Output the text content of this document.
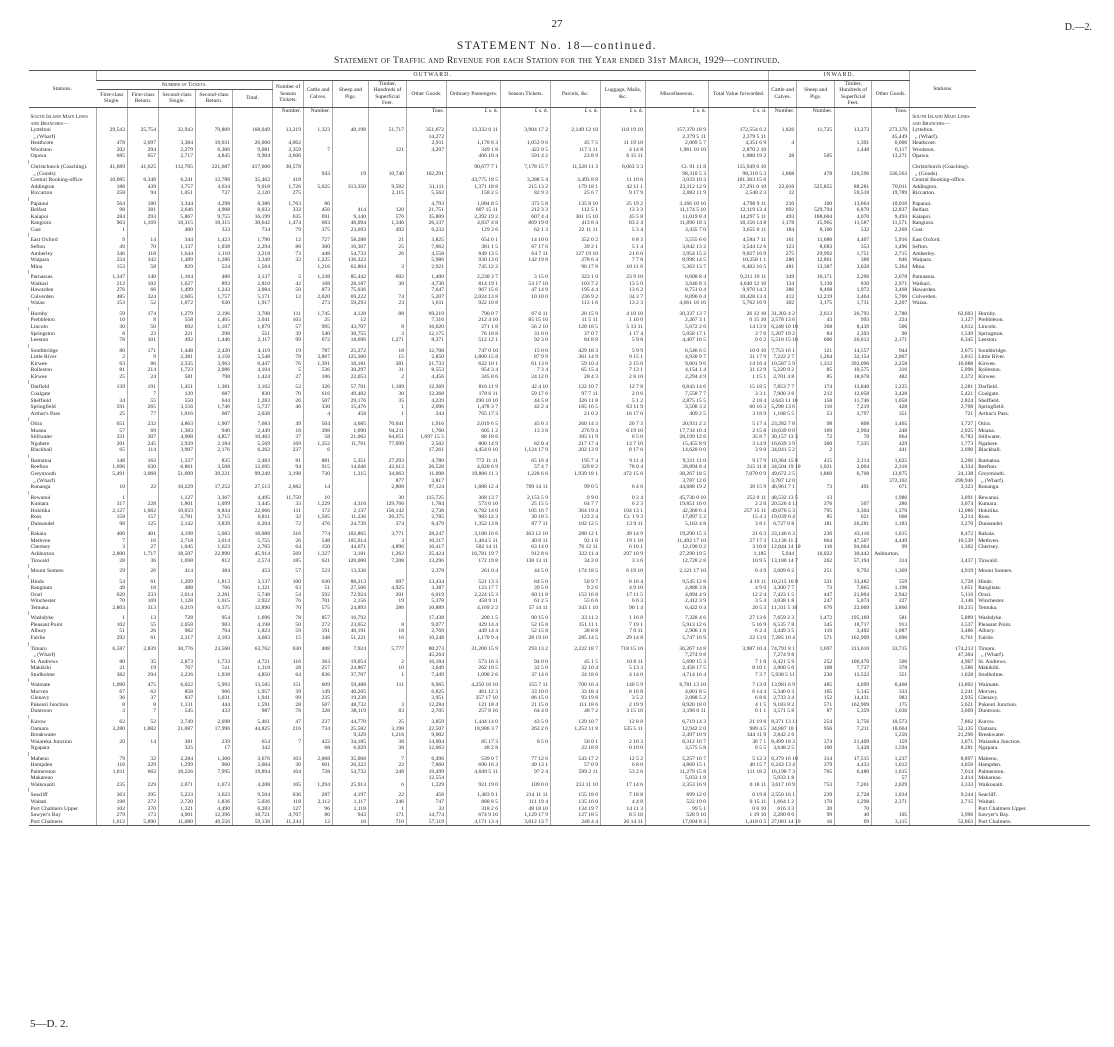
27	D.—2.
STATEMENT No. 18—continued.
Statement of Traffic and Revenue for each Station for the Year ended 31st March, 1929—continued.
Stations.	OUTWARD.																INWARD.				Stations.	
	Number of Tickets.					Number of Season Tickets.	Cattle and Calves.	Sheep and Pigs.	Timber, Hundreds of Superficial Feet.	Other Goods.	Ordinary Passengers.	Season Tickets.	Parcels, &c.	Luggage, Mails, &c.	Miscellaneous.	Total Value forwarded.	Cattle and Calves.	Sheep and Pigs.	Timber, Hundreds of Superficial Feet.	Other Goods.		
	First-class Single.	First-class Return.	Second-class Single.	Second-class Return.	Total.																	
						Number.	Number.			Tons.	£ s. d.	£ s. d.	£ s. d.	£ s. d.	£ s. d.	£ s. d.	Number.	Number.		Tons.		
South Island Main Lines and Branches—																					South Island Main Lines and Branches—	
Lyttelton	29,543	25,754	32,943	79,809	168,049	13,219	1,323	40,198	51,717	351,672	13,332 0 11	3,904 17 2	2,149 12 10	118 19 10	157,370 18 9	172,554 6 2	1,826	11,725	13,273	273,370	Lyttelton.	
„ (Wharf)										14,272					2,379 5 11	2,379 5 11				45,449	„ (Wharf).	
Heathcote	478	2,697	3,384	19,031	26,000	4,062				2,911	1,170 8 3	1,053 9 6	45 7 5	11 19 10	2,069 5 7	4,351 6 9	4		1,391	6,000	Heathcote.	
Woolston	202	294	2,279	6,306	9,081	2,359	7		121	4,207	349 1 8	422 0 5	117 3 11	4 14 8	1,961 10 10	2,870 2 10			1,448	6,117	Woolston.	
Opawa	685	657	2,717	4,845	9,904	4,606					466 10 4	591 4 2	23 8 9	6 15 11		1,088 19 2	28	505		13,271	Opawa.	

Christchurch (Coaching).	41,689	41,625	112,705	221,687	417,606	30,578					90,677 7 1	7,178 15 7	11,520 11 3	6,063 3 3	Cr. 91 11 8	115,949 6 10					Christchurch (Coaching).	
„ (Goods)							943	19	10,740	102,291					98,310 5 3	98,310 5 3	1,068	478	120,596	336,563	„ (Goods).	
Central Booking-office	10,085	6,348	6,241	12,788	35,462	418					43,775 18 5	3,288 5 4	3,493 8 8	11 10 6	3,033 10 3	101,363 15 6					Central Booking-office.	
Addington	188	439	3,757	4,634	9,018	1,726	5,625	313,350	9,582	31,111	1,371 18 8	215 13 2	179 18 1	42 11 1	23,112 12 9	27,291 0 10	22,016	525,855	88,281	70,011	Addington.	
Riccarton	258	94	1,051	737	2,120	275			2,115	5,562	158 2 5	82 9 3	25 6 7	9 17 9	2,082 11 9	2,540 2 3	12		59,518	19,789	Riccarton.	

Papanui	564	180	3,344	4,298	8,386	1,763	80			4,793	1,084 8 5	372 5 8	135 8 10	25 19 2	3,166 10 10	4,798 9 11	210	100	13,664	10,016	Papanui.	
Belfast	98	381	2,646	4,908	8,033	332	456	414	120	21,751	607 15 11	212 3 3	112 5 1	13 3 3	11,174 5 10	12,119 13 4	892	529,794	6,870	12,837	Belfast.	
Kaiapoi	284	293	5,867	9,755	16,199	635	691	9,140	576	35,809	2,392 19 2	607 4 4	301 15 10	45 5 8	11,019 8 4	14,297 5 11	493	188,604	4,070	9,493	Kaiapoi.	
Rangiora	903	1,169	10,315	18,315	30,642	1,474	683	46,094	1,346	26,137	4,837 4 8	869 19 0	413 8 4	83 2 4	11,890 18 3	18,156 14 8	1,178	15,965	11,587	11,571	Rangiora.	
Cust	1		400	333	734	79	375	23,693	492	6,232	129 3 6	62 1 3	22 11 11	5 3 4	3,435 7 0	3,655 0 11	184	8,106	532	2,269	Cust.	

East Oxford	9	14	344	1,423	1,790	12	727	58,288	21	3,825	654 0 1	14 10 0	352 0 2	6 8 3	3,555 6 6	4,584 7 11	161	11,680	4,407	5,916	East Oxford.	
Sefton	49	70	1,137	1,038	2,294	86	360	10,307	25	7,062	381 1 5	67 17 6	39 2 1	5 1 4	3,042 13 2	3,544 12 6	123	8,683	353	1,496	Sefton.	
Amberley	346	118	1,644	1,110	3,218	73	448	54,733	26	4,558	849 13 5	64 7 11	127 19 10	21 6 0	3,954 15 2	9,027 16 9	275	29,992	1,751	2,715	Amberley.	
Waipara	234	342	1,489	1,286	3,349	32	1,225	136,322		5,986	930 13 0	142 19 8	278 6 4	7 7 8	8,998 14 5	10,358 1 1	280	12,861	388	846	Waipara.	
Mina	153	58	829	524	1,564		1,216	62,804	3	2,921	745 12 2		96 17 8	10 11 6	5,363 13 7	6,402 16 5	481	13,387	3,028	5,364	Mina.	

Parnassus	1,347	140	1,164	486	3,137	5	1,338	85,442	602	1,400	2,230 3 7	3 15 0	323 1 0	23 9 10	6,608 8 4	9,211 19 11	349	10,171	2,296	2,678	Parnassus.	
Waikari	212	102	1,627	893	2,810	42	168	28,187	30	4,730	814 19 1	54 17 10	103 7 2	13 5 0	3,646 8 3	4,640 12 10	134	3,130	830	2,971	Waikari.	
Hawarden	276	66	1,499	1,243	3,084	50	873	75,036		7,647	967 15 6	47 14 9	195 4 4	13 6 2	8,751 0 4	9,970 14 3	386	8,468	1,972	3,468	Hawarden.	
Culverden	485	324	2,605	1,757	5,171	12	2,020	69,222	74	5,207	2,024 13 8	10 10 0	236 9 2	34 3 7	8,096 0 4	10,428 13 4	412	12,219	3,464	5,706	Culverden.	
Waiau	153	52	1,072	630	1,917		273	59,293	23	1,611	922 10 8		113 1 6	13 2 3	4,661 16 10	5,762 16 9	302	3,175	1,731	2,207	Waiau.	

Hornby	59	174	1,279	2,196	3,708	111	1,745	4,128	88	69,219	790 0 7	67 6 11	20 15 9	4 10 10	30,337 13 7	26 12 10	31,303 4 2	2,613	26,793	2,780	62,603	Hornby.
Prebbleton	10	8	558	1,465	2,041	103	25	12		7,316	212 4 10	85 15 10	11 5 11	1 10 0	2,267 3 1	0 15 10	2,578 13 6	43	993	224	1,127	Prebbleton.
Lincoln	30	50	692	1,107	1,879	57	995	43,707	8	16,620	271 1 8	56 2 10	128 18 5	5 13 11	5,672 2 6	14 13 0	6,248 10 10	368	8,439	506	4,612	Lincoln.
Springston	8	23	221	298	551	39	540	30,755	3	12,175	76 18 8	31 0 0	37 0 7	1 17 4	5,058 17 1	3 7 6	5,207 19 2	84	2,393	90	1,549	Springston.
Leeston	78	101	492	1,446	2,117	99	672	18,696	1,271	8,371	512 12 1	92 3 0	84 8 8	5 9 8	4,407 16 5	0 6 2	5,510 15 10	606	26,612	2,171	6,345	Leeston.

Southbridge	80	171	1,448	2,420	4,119	19	787	25,272	18	12,708	747 0 10	15 0 0	429 18 3	5 9 9	6,546 6 5	10 0 10	7,753 16 1	121	14,557	944	2,675	Southbridge.
Little River	2	9	2,381	3,156	5,548	78	3,867	125,300	15	2,850	1,800 15 8	87 9 9	361 14 9	9 15 1	4,930 9 7	31 17 9	7,222 2 7	1,264	32,154	2,067	2,815	Little River.
Kirwee	63	86	2,335	3,963	6,447	76	1,391	10,181	381	21,733	622 10 1	61 13 6	59 10 4	2 15 0	9,801 9 6	14 16 4	10,587 5 9	1,312	392,096	2,258	10,688	Kirwee.
Rolleston	81	214	1,723	2,086	4,104	5	536	30,297	31	8,553	954 3 4	7 3 4	65 15 4	7 13 1	4,154 1 4	31 12 9	5,220 9 2	85	10,575	316	5,096	Rolleston.
Kirwee	25	24	581	798	1,424	27	106	22,053	2	4,456	345 8 6	24 12 0	28 4 3	2 8 10	2,294 4 9	1 15 1	2,701 4 8	85	18,678	482	2,372	Kirwee.

Darfield	139	191	1,451	1,381	3,162	52	326	57,701	1,189	12,369	816 11 9	42 4 10	122 10 7	12 7 8	6,843 14 6	15 18 5	7,853 7 7	174	13,840	1,225	2,281	Darfield.
Coalgate		7	120	687	830	70	616	49,402	30	12,368	178 6 11	59 17 6	97 7 11	2 0 6	7,558 7 7	3 3 1	7,900 3 6	212	12,058	3,428	5,421	Coalgate.
Sheffield	34	55	550	644	1,283	26	507	29,176	35	4,239	290 10 10	44 5 8	326 11 8	5 1 2	2,875 15 5	2 18 4	3,643 11 10	158	11,746	1,058	2,824	Sheffield.
Springfield	591	265	3,156	1,746	5,737	46	330	15,476	1	2,096	1,478 3 7	42 2 4	185 16 5	63 11 9	3,508 3 2	60 16 3	5,298 13 6	116	7,219	428	2,708	Springfield.
Arthur's Pass	25	77	1,016	687	2,038		4	458	1	344	765 17 3		21 0 2	16 17 0	409 2 5	3 18 9	1,168 5 5	53	3,797	351	721	Arthur's Pass.

Otira	651	232	4,863	1,907	7,683	49	504	4,685	70,041	1,916	2,019 6 5	45 0 3	260 14 3	20 7 3	20,931 2 2	5 17 4	23,282 7 8	98	808	1,465	3,727	Otira.
Moana	57	69	1,383	940	2,449	18	398	1,690	94,211	1,760	605 1 2	13 3 8	276 9 4	6 19 10	17,734 10 4	2 15 8	18,639 0 0	169	2,904	248	2,025	Moana.
Stillwater	331	307	4,908	4,857	10,403	37	58	21,062	64,651	1,697 15 5	88 18 6		105 11 9	6 5 0	28,199 12 6	35 8 7	30,157 13 3	72	70	864	6,783	Stillwater.
Ngahere	201	245	2,939	2,184	5,569	169	1,352	11,761	77,099	2,502	800 14 9	82 0 4	217 17 4	13 7 10	15,455 8 9	3 14 9	16,639 3 9	300	7,335	429	1,773	Ngahere.
Blackball	65	114	3,907	2,176	6,262	237	6			17,261	4,454 0 10	1,124 17 9	202 13 9	8 17 6	14,620 0 0	3 9 0	34,041 5 2	2		441	2,690	Blackball.

Ikamatua	148	163	1,337	835	2,483	81	881	5,351	27,293	4,780	772 11 11	65 16 4	195 7 4	9 11 4	9,311 11 0	9 17 9	10,364 15 8	415	2,114	1,625	2,266	Ikamatua.
Reefton	1,696	630	6,861	3,508	12,695	94	915	14,646	42,613	26,528	4,820 6 9	57 4 7	329 8 2	78 0 4	28,894 8 4	315 11 8	34,504 19 10	1,021	2,004	2,316	4,334	Reefton.
Greymouth	5,491	3,068	51,009	39,221	99,249	3,198	730	1,215	34,063	11,098	19,806 11 3	1,228 6 6	1,939 18 1	472 15 6	38,267 18 5	7,070 0 9	49,672 2 5	1,860	6,708	13,875	24,138	Greymouth.
„ (Wharf)									877	3,817					3,787 12 0		3,787 12 0			372,102	290,946	„ (Wharf).
Runanga	10	22	10,229	17,252	27,513	2,682	14		2,808	97,124	1,888 12 4	709 14 11	99 0 5	6 4 6	44,688 19 2	38 15 9	46,961 7 1	73	491	671	3,323	Runanga.

Rewanui	1		1,127	3,367	4,495	11,750	10		30	115,725	368 13 7	2,153 5 9	0 9 0	0 3 4	45,736 0 10	252 0 11	48,532 13 5	13		1,986	3,691	Rewanui.
Kumara	317	228	1,801	1,099	3,445	33	1,229	4,316	129,766	1,784	573 0 10	25 15 5	64 7 7	6 2 3	19,851 16 0	2 2 0	20,526 4 11	376	507	280	3,074	Kumara.
Hokitika	2,127	1,062	10,033	8,844	22,066	111	172	2,137	156,142	2,738	6,782 14 0	105 16 7	364 19 4	104 13 1	42,360 6 4	257 15 11	49,876 5 3	795	3,304	1,370	12,086	Hokitika.
Ross	158	157	2,781	3,715	6,811	32	1,565	11,236	26,375	2,785	983 12 3	30 18 5	123 2 4	Cr. 1 9 3	17,897 5 2	15 4 3	19,039 6 4	85	621	668	3,214	Ross.
Dunsandel	98	125	2,142	3,839	6,204	72	476	24,739	374	8,479	1,352 13 8	87 7 11	102 12 5	13 9 11	5,163 4 8	3 8 1	6,727 0 8	181	26,281	1,183	3,270	Dunsandel.

Rakaia	406	401	4,198	5,083	10,088	316	774	102,865	3,771	28,247	3,180 16 6	363 12 10	280 12 1	49 14 9	19,290 15 3	21 6 3	23,146 6 3	236	43,116	1,615	8,472	Rakaia.
Methven	7	16	2,718	3,014	5,755	26	548	105,614	3	10,317	1,464 5 11	40 6 11	92 1 6	19 1 10	11,492 17 10	27 17 3	13,136 11 2	664	47,507	4,449	10,539	Methven.
Chertsey	3	27	1,045	1,623	2,705	64	150	44,671	4,896	10,417	502 14 11	63 14 0	76 12 11	6 10 1	12,190 0 2	3 10 0	12,844 14 10	116	94,664	99	1,362	Chertsey.
Ashburton	2,800	1,717	18,507	22,890	45,914	569	1,327	3,181	1,262	25,424	16,781 19 7	912 8 6	322 11 4	297 10 9	27,290 19 5	1,185	5,044	16,022	30,442	Ashburton.		
Tinwald	28	36	1,698	812	2,574	185	621	120,000	7,208	13,296	172 19 8	138 13 11	34 2 0	3 3 6	12,728 2 8	10 9 5	13,180 14 7	262	57,194	314	3,437	Tinwald.

Mount Somers	29	26	414	384	453	57	523	13,336		2,378	261 0 4	44 5 0	174 18 5	6 19 10	2,121 17 10	0 4 9	2,609 6 2	251	9,792	1,369	4,919	Mount Somers.

Hinds	54	61	1,209	1,813	3,137	100	630	88,213	697	13,434	521 13 3	84 5 0	50 9 7	8 16 4	9,545 12 8	4 19 11	10,215 16 9	331	33,482	559	3,728	Hinds.
Rangitata	49	18	488	766	1,321	63	51	27,506	4,925	3,387	123 17 7	39 5 0	9 2 6	4 9 10	2,888 3 8	4 9 0	3,300 7 7	73	7,865	1,198	1,651	Rangitata.
Orari	620	233	2,614	2,281	5,748	54	592	72,924	201	6,019	2,224 15 3	60 11 8	153 16 8	17 11 5	4,894 4 9	12 2 4	7,423 1 5	447	21,804	2,942	5,116	Orari.
Winchester	70	169	1,128	1,615	2,922	76	701	2,156	19	5,378	458 9 11	61 2 5	55 6 6	6 6 3	2,412 3 9	3 5 4	3,038 1 8	247	5,074	227	3,146	Winchester.
Temuka	2,803	313	6,219	6,375	12,890	70	575	24,893	286	10,889	4,169 2 2	57 14 11	343 1 10	90 1 4	6,422 0 4	20 5 3	11,311 5 10	670	22,069	3,860	10,215	Temuka.

Washdyke	1	13	728	954	1,696	78	857	16,792		17,438	200 1 5	90 15 0	33 11 2	1 16 8	7,328 4 6	27 13 6	7,659 2 3	1,472	195,169	581	5,889	Washdyke.
Pleasant Point	102	55	2,058	983	4,198	50	272	23,652	8	9,077	429 14 4	52 15 8	151 11 1	7 19 1	5,913 12 6	5 16 9	6,535 7 8	345	18,717	913	3,537	Pleasant Point.
Albury	51	26	982	704	1,823	59	191	40,191	18	2,769	449 14 4	52 15 8	38 8 8	7 0 11	2,906 1 8	6 2 4	3,449 3 5	116	3,402	1,087	3,486	Albury.
Fairlie	292	61	2,317	2,103	4,683	15	348	51,221	16	10,248	1,170 9 4	28 19 10	285 14 5	29 14 8	5,747 16 9	22 13 0	7,285 10 4	571	162,909	1,096	6,761	Fairlie.

Timaru	6,587	2,839	30,776	23,560	63,762	630	408	7,924	5,777	80,273	31,200 15 9	293 13 2	2,222 18 7	718 15 10	36,267 14 8	3,987 10 4	74,791 8 1	1,697	313,610	33,715	174,213	Timaru.
„ (Wharf)										45,264					7,274 9 8		7,274 9 8				47,304	„ (Wharf).
St. Andrews	80	35	2,873	1,733	4,721	116	363	19,054	2	16,184	573 16 3	94 0 0	45 1 5	10 8 11	5,690 15 3	7 1 0	6,421 5 9	252	106,470	506	4,907	St. Andrews.
Makikihi	21	19	767	511	1,318	28	257	24,867	10	3,649	262 10 5	32 5 0	32 10 4	5 13 3	2,458 17 5	8 10 1	2,800 5 0	108	7,737	378	1,586	Makikihi.
Studholme	382	294	2,236	1,938	4,850	64	836	37,707	1	7,449	1,090 2 6	37 14 6	24 18 6	4 14 0	4,714 16 4	7 3 7	5,938 5 11	230	13,522	351	1,628	Studholme.

Waimate	1,090	475	6,022	5,993	13,585	151	609	59,488	111	8,965	4,250 18 10	155 7 11	700 16 4	140 5 9	8,781 13 10	7 13 0	13,981 6 9	485	4,699	6,460	13,802	Waimate.
Morven	67	62	858	966	1,957	39	149	40,205		6,825	461 12 3	33 10 0	33 18 4	8 16 8	4,801 8 5	6 14 3	5,346 0 3	105	5,145	333	2,241	Morven.
Glenavy	36	37	837	1,031	1,941	99	235	19,238		3,951	357 17 10	86 15 0	93 19 8	3 5 2	2,088 5 2	6 8 6	2,733 3 4	152	14,431	983	2,935	Glenavy.
Pukeuri Junction	8	8	1,131	444	1,591	28	507	48,732	3	12,284	121 18 4	21 15 0	111 18 6	2 19 9	8,920 18 0	4 1 5	9,183 8 2	571	162,909	175	5,621	Pukeuri Junction.
Duntroon	3	7	545	433	987	78	328	38,119	83	2,705	257 8 10	64 4 0	48 7 2	3 15 10	3,196 0 11	0 1 1	3,571 5 8	87	5,359	1,036	3,069	Duntroon.

Kurow	62	52	2,749	2,698	5,461	47	237	44,770	25	3,859	1,444 14 0	43 5 9	129 10 7	12 8 8	6,719 14 3	21 19 8	8,371 13 11	254	3,756	10,573	7,862	Kurow.
Oamaru	3,280	1,882	21,087	17,996	44,825	216	734	25,582	3,198	22,507	18,986 3 7	262 2 6	1,252 11 8	535 5 11	12,942 2 0	989 4 5	34,887 10 1	956	7,211	18,664	52,135	Oamaru.
Breakwater								9,329	1,216	9,002					2,497 10 9	344 11 9	2,842 2 6			1,250	21,296	Breakwater.
Waiareka Junction	20	14	381	239	654	7	422	34,185	38	14,004	85 17 3	8 5 0	56 0 1	2 10 3	8,312 16 7	36 7 1	8,499 18 3	374	21,409	159	3,871	Waiareka Junction.
Ngapara			325	17	342		68	6,029	38	12,063	48 2 8		23 18 8	0 10 0	3,575 5 8	0 5 5	3,648 2 5	100	5,428	1,594	8,281	Ngapara.

Maheno	79	32	2,284	1,300	3,676	103	2,068	35,068	7	6,496	539 0 7	77 12 6	543 17 2	12 5 2	5,257 16 7	5 12 3	6,379 16 10	314	17,515	1,237	8,897	Maheno.
Hampden	116	229	1,299	960	2,604	30	601	26,322	22	7,860	690 16 3	49 13 1	57 0 9	6 8 0	4,860 15 1	40 15 7	6,243 13 4	379	4,433	1,012	4,856	Hampden.
Palmerston	1,011	662	10,226	7,995	19,894	104	728	54,732	248	19,499	4,049 5 11	97 2 4	599 2 11	53 2 6	11,279 15 8	111 18 2	16,190 7 3	705	6,480	1,615	7,614	Palmerston.
Makareao										12,554					5,033 1 8		5,033 1 8			57	2,414	Makareao.
Waikouaiti	235	229	2,071	1,673	4,208	105	1,294	25,913	6	1,229	921 19 0	109 0 0	213 11 10	17 14 6	2,353 16 9	0 18 11	3,617 10 9	753	7,261	2,029	3,333	Waikouaiti.

Seacliff	363	295	5,223	3,623	9,504	636	287	4,197	22	458	1,483 9 1	214 11 11	155 18 0	7 18 8	699 12 0	0 19 8	2,550 16 1	239	2,728	1,034	9,244	Seacliff.
Waitati	198	272	2,720	1,836	5,026	118	2,112	1,117	246	747	888 8 5	111 19 4	135 16 0	4 4 8	522 19 0	0 15 11	1,664 1 2	170	1,298	2,371	2,715	Waitati.
Port Chalmers Upper	102	370	1,321	4,490	6,283	127	96	1,118	1	33	318 2 6	48 18 10	134 19 7	14 11 3	99 5 1	0 6 10	616 3 3	20	70			Port Chalmers Upper.
Sawyer's Bay	279	173	4,901	12,396	18,721	4,707	80	943	171	14,774	674 9 10	1,129 17 9	127 18 5	8 5 10	528 9 10	1 19 10	2,280 8 0	99	40	105	3,996	Sawyer's Bay.
Port Chalmers	1,612	5,890	11,080	40,556	59,138	11,244	12	16	710	57,119	4,171 13 4	3,612 13 7	248 4 4	26 14 11	17,604 8 3	1,418 0 5	27,081 14 10	16	69	3,115	52,863	Port Chalmers.
5—D. 2.
